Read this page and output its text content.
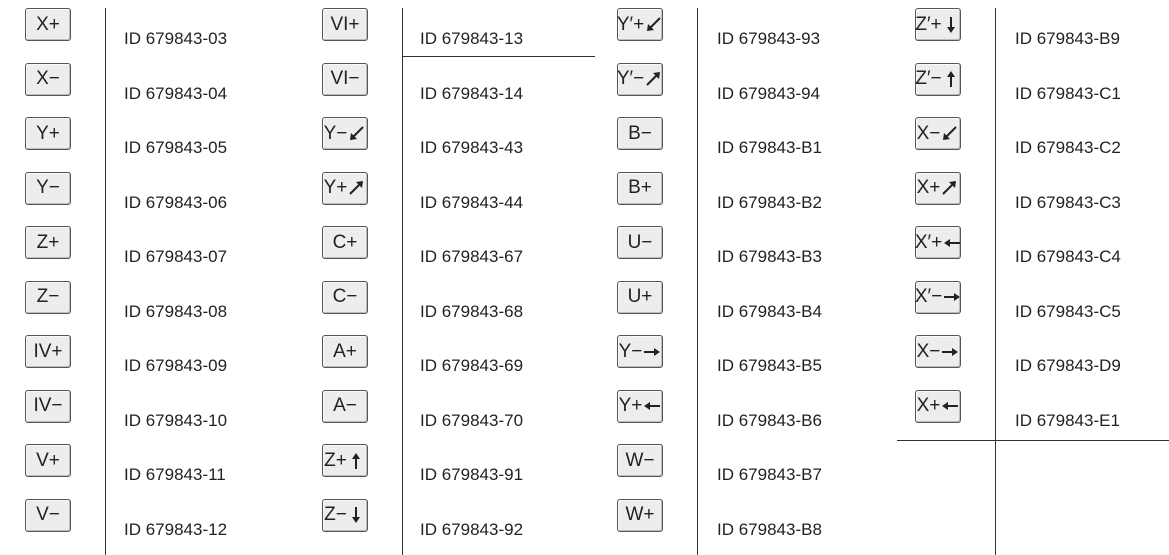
X+
ID 679843-03
X−
ID 679843-04
Y+
ID 679843-05
Y−
ID 679843-06
Z+
ID 679843-07
Z−
ID 679843-08
IV+
ID 679843-09
IV−
ID 679843-10
V+
ID 679843-11
V−
ID 679843-12
VI+
ID 679843-13
VI−
ID 679843-14
Y−
ID 679843-43
Y+
ID 679843-44
C+
ID 679843-67
C−
ID 679843-68
A+
ID 679843-69
A−
ID 679843-70
Z+
ID 679843-91
Z−
ID 679843-92
Y′+
ID 679843-93
Y′−
ID 679843-94
B−
ID 679843-B1
B+
ID 679843-B2
U−
ID 679843-B3
U+
ID 679843-B4
Y−
ID 679843-B5
Y+
ID 679843-B6
W−
ID 679843-B7
W+
ID 679843-B8
Z′+
ID 679843-B9
Z′−
ID 679843-C1
X−
ID 679843-C2
X+
ID 679843-C3
X′+
ID 679843-C4
X′−
ID 679843-C5
X−
ID 679843-D9
X+
ID 679843-E1
